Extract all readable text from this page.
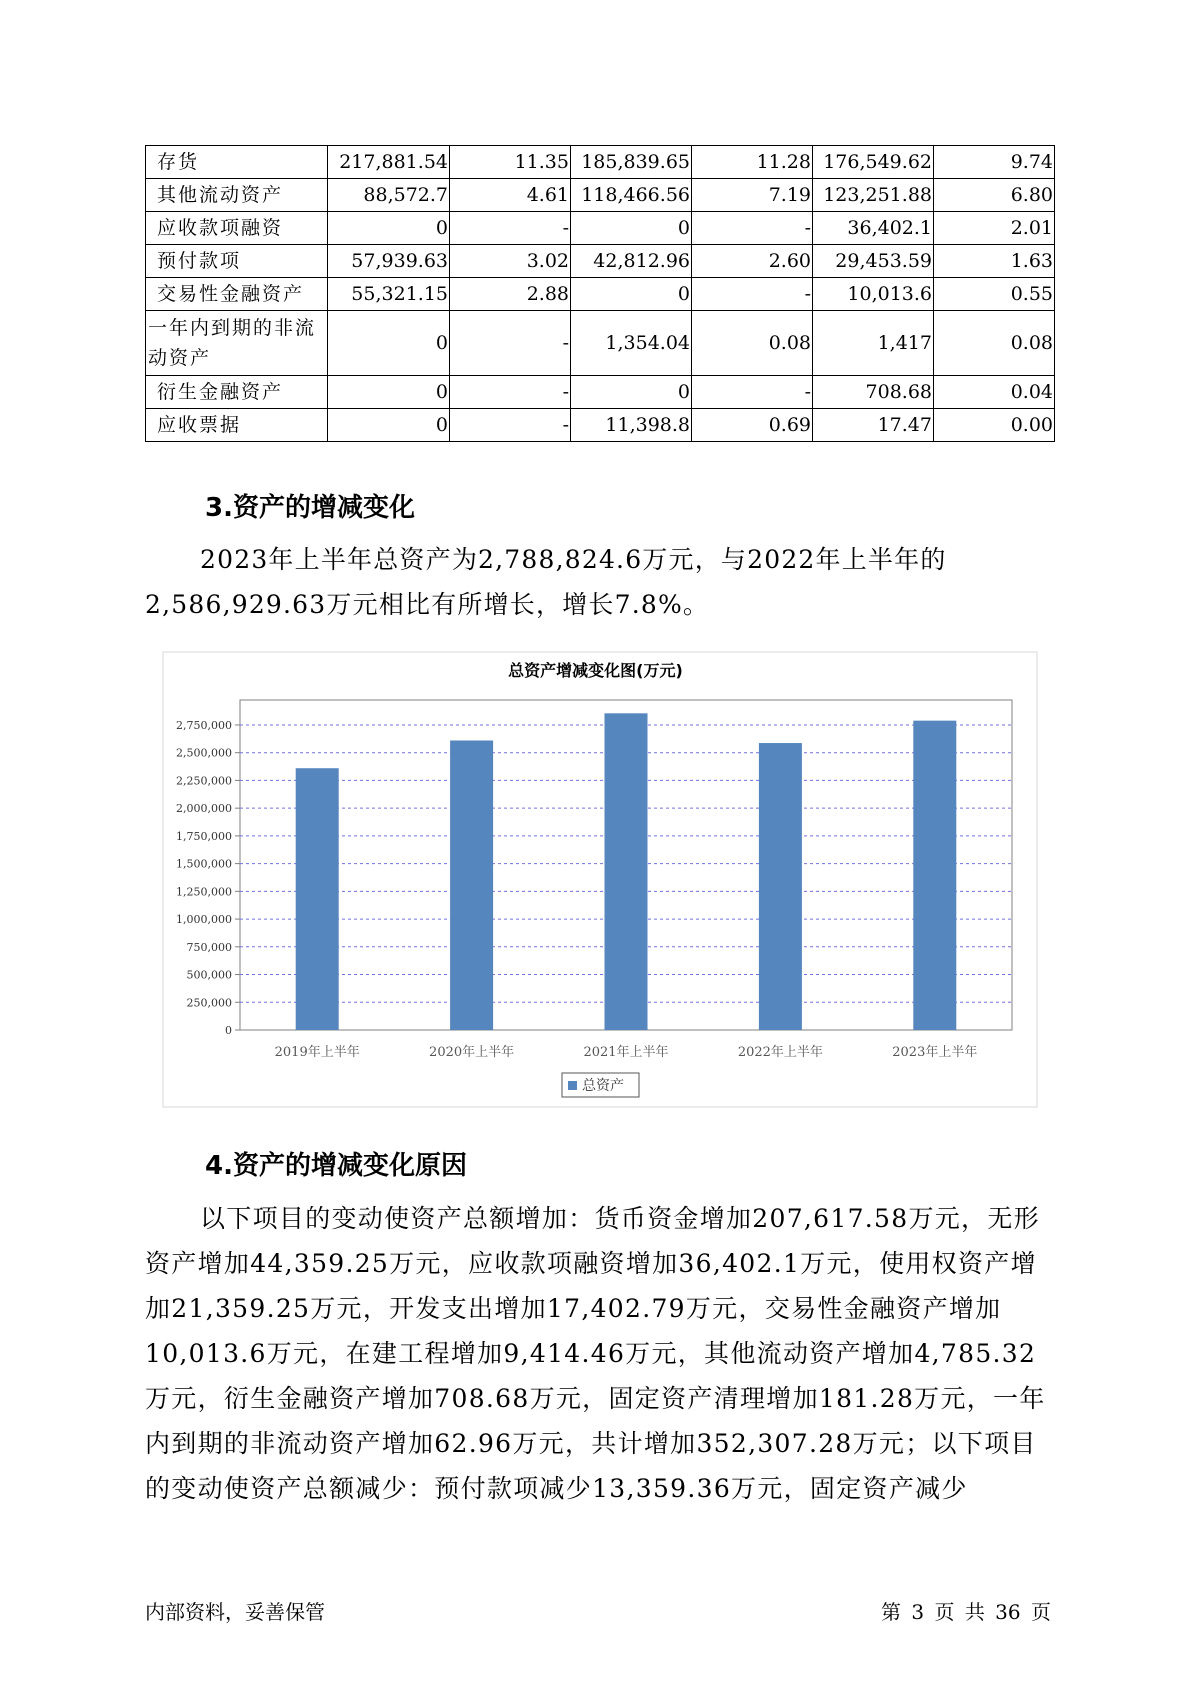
存货	217,881.54	11.35	185,839.65	11.28	176,549.62	9.74
其他流动资产	88,572.7	4.61	118,466.56	7.19	123,251.88	6.80
应收款项融资	0	-	0	-	36,402.1	2.01
预付款项	57,939.63	3.02	42,812.96	2.60	29,453.59	1.63
交易性金融资产	55,321.15	2.88	0	-	10,013.6	0.55
一年内到期的非流动资产	0	-	1,354.04	0.08	1,417	0.08
衍生金融资产	0	-	0	-	708.68	0.04
应收票据	0	-	11,398.8	0.69	17.47	0.00
3.资产的增减变化

2023年上半年总资产为2,788,824.6万元，与2022年上半年的2,586,929.63万元相比有所增长，增长7.8%。

总资产增减变化图(万元)

0
250,000
500,000
750,000
1,000,000
1,250,000
1,500,000
1,750,000
2,000,000
2,250,000
2,500,000
2,750,000
2019年上半年	2020年上半年	2021年上半年	2022年上半年	2023年上半年
总资产
4.资产的增减变化原因

以下项目的变动使资产总额增加：货币资金增加207,617.58万元，无形资产增加44,359.25万元，应收款项融资增加36,402.1万元，使用权资产增加21,359.25万元，开发支出增加17,402.79万元，交易性金融资产增加10,013.6万元，在建工程增加9,414.46万元，其他流动资产增加4,785.32万元，衍生金融资产增加708.68万元，固定资产清理增加181.28万元，一年内到期的非流动资产增加62.96万元，共计增加352,307.28万元；以下项目的变动使资产总额减少：预付款项减少13,359.36万元，固定资产减少

内部资料，妥善保管	第 3 页 共 36 页
